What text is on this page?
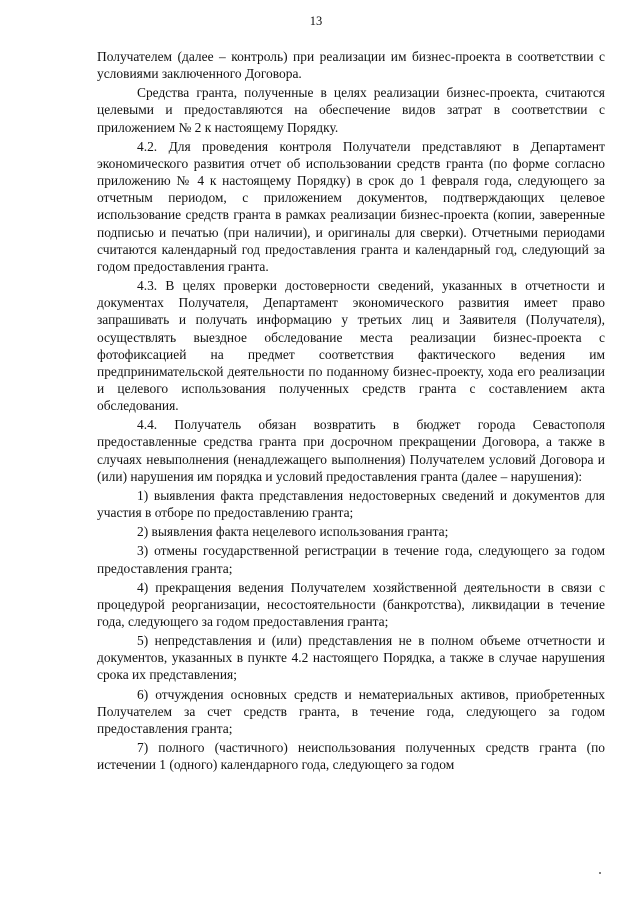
13

Получателем (далее – контроль) при реализации им бизнес-проекта в соответствии с условиями заключенного Договора.

Средства гранта, полученные в целях реализации бизнес-проекта, считаются целевыми и предоставляются на обеспечение видов затрат в соответствии с приложением № 2 к настоящему Порядку.

4.2. Для проведения контроля Получатели представляют в Департамент экономического развития отчет об использовании средств гранта (по форме согласно приложению № 4 к настоящему Порядку) в срок до 1 февраля года, следующего за отчетным периодом, с приложением документов, подтверждающих целевое использование средств гранта в рамках реализации бизнес-проекта (копии, заверенные подписью и печатью (при наличии), и оригиналы для сверки). Отчетными периодами считаются календарный год предоставления гранта и календарный год, следующий за годом предоставления гранта.

4.3. В целях проверки достоверности сведений, указанных в отчетности и документах Получателя, Департамент экономического развития имеет право запрашивать и получать информацию у третьих лиц и Заявителя (Получателя), осуществлять выездное обследование места реализации бизнес-проекта с фотофиксацией на предмет соответствия фактического ведения им предпринимательской деятельности по поданному бизнес-проекту, хода его реализации и целевого использования полученных средств гранта с составлением акта обследования.

4.4. Получатель обязан возвратить в бюджет города Севастополя предоставленные средства гранта при досрочном прекращении Договора, а также в случаях невыполнения (ненадлежащего выполнения) Получателем условий Договора и (или) нарушения им порядка и условий предоставления гранта (далее – нарушения):

1) выявления факта представления недостоверных сведений и документов для участия в отборе по предоставлению гранта;

2) выявления факта нецелевого использования гранта;

3) отмены государственной регистрации в течение года, следующего за годом предоставления гранта;

4) прекращения ведения Получателем хозяйственной деятельности в связи с процедурой реорганизации, несостоятельности (банкротства), ликвидации в течение года, следующего за годом предоставления гранта;

5) непредставления и (или) представления не в полном объеме отчетности и документов, указанных в пункте 4.2 настоящего Порядка, а также в случае нарушения срока их представления;

6) отчуждения основных средств и нематериальных активов, приобретенных Получателем за счет средств гранта, в течение года, следующего за годом предоставления гранта;

7) полного (частичного) неиспользования полученных средств гранта (по истечении 1 (одного) календарного года, следующего за годом
